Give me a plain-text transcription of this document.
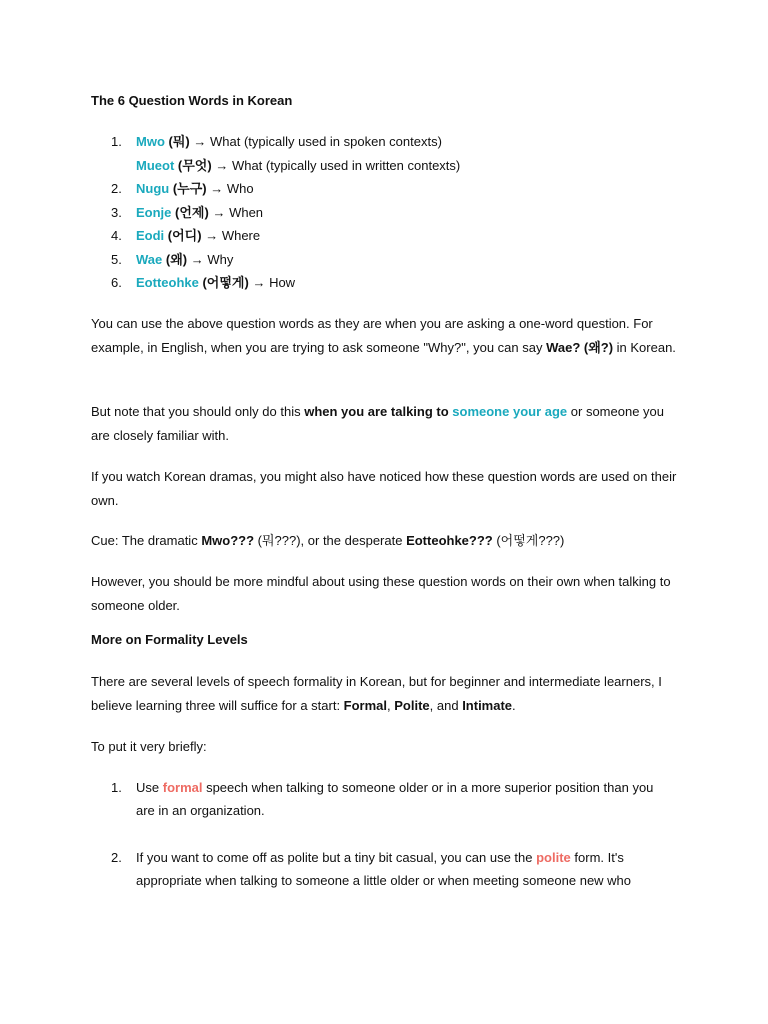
The 6 Question Words in Korean
1.	Mwo (뭐) → What (typically used in spoken contexts)
Mueot (무엇) → What (typically used in written contexts)
2.	Nugu (누구) → Who
3.	Eonje (언제) → When
4.	Eodi (어디) → Where
5.	Wae (왜) → Why
6.	Eotteohke (어떻게) → How
You can use the above question words as they are when you are asking a one-word question. For example, in English, when you are trying to ask someone "Why?", you can say Wae? (왜?) in Korean.
But note that you should only do this when you are talking to someone your age or someone you are closely familiar with.
If you watch Korean dramas, you might also have noticed how these question words are used on their own.
Cue: The dramatic Mwo??? (뭐???), or the desperate Eotteohke??? (어떻게???)
However, you should be more mindful about using these question words on their own when talking to someone older.
More on Formality Levels
There are several levels of speech formality in Korean, but for beginner and intermediate learners, I believe learning three will suffice for a start: Formal, Polite, and Intimate.
To put it very briefly:
1.	Use formal speech when talking to someone older or in a more superior position than you are in an organization.
2.	If you want to come off as polite but a tiny bit casual, you can use the polite form. It's appropriate when talking to someone a little older or when meeting someone new who
